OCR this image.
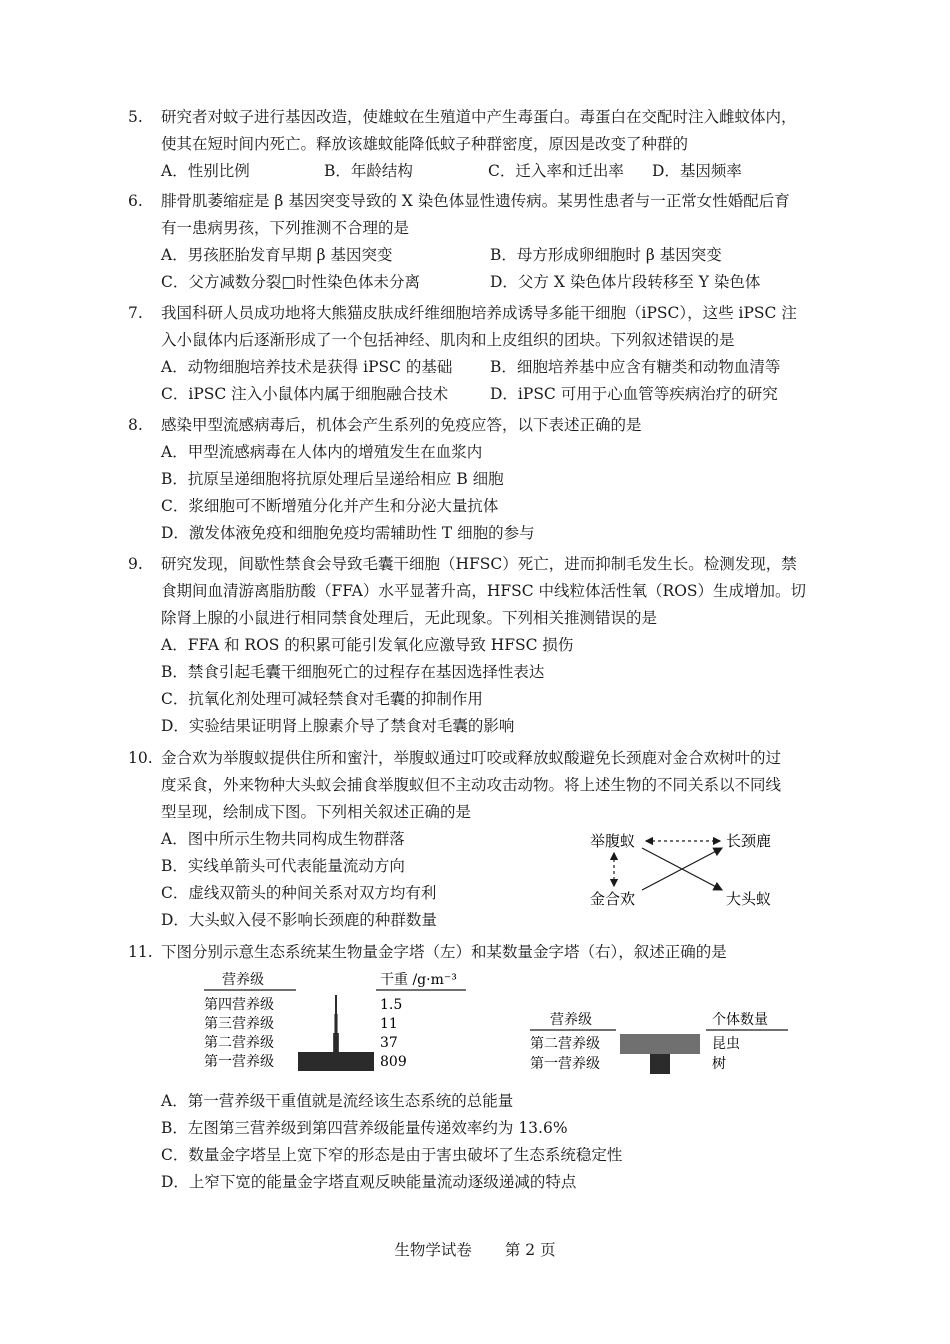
5.	研究者对蚊子进行基因改造，使雄蚊在生殖道中产生毒蛋白。毒蛋白在交配时注入雌蚊体内，
使其在短时间内死亡。释放该雄蚊能降低蚊子种群密度，原因是改变了种群的
A．性别比例	B．年龄结构	C．迁入率和迁出率 D．基因频率
6.	腓骨肌萎缩症是 β 基因突变导致的 X 染色体显性遗传病。某男性患者与一正常女性婚配后育
有一患病男孩，下列推测不合理的是
A．男孩胚胎发育早期 β 基因突变	B．母方形成卵细胞时 β 基因突变
C．父方减数分裂□时性染色体未分离	D．父方 X 染色体片段转移至 Y 染色体
7.	我国科研人员成功地将大熊猫皮肤成纤维细胞培养成诱导多能干细胞（iPSC），这些 iPSC 注
入小鼠体内后逐渐形成了一个包括神经、肌肉和上皮组织的团块。下列叙述错误的是
A．动物细胞培养技术是获得 iPSC 的基础 B．细胞培养基中应含有糖类和动物血清等
C．iPSC 注入小鼠体内属于细胞融合技术	D．iPSC 可用于心血管等疾病治疗的研究
8.	感染甲型流感病毒后，机体会产生系列的免疫应答，以下表述正确的是
A．甲型流感病毒在人体内的增殖发生在血浆内
B．抗原呈递细胞将抗原处理后呈递给相应 B 细胞
C．浆细胞可不断增殖分化并产生和分泌大量抗体
D．激发体液免疫和细胞免疫均需辅助性 T 细胞的参与
9.	研究发现，间歇性禁食会导致毛囊干细胞（HFSC）死亡，进而抑制毛发生长。检测发现，禁
食期间血清游离脂肪酸（FFA）水平显著升高，HFSC 中线粒体活性氧（ROS）生成增加。切
除肾上腺的小鼠进行相同禁食处理后，无此现象。下列相关推测错误的是
A．FFA 和 ROS 的积累可能引发氧化应激导致 HFSC 损伤
B．禁食引起毛囊干细胞死亡的过程存在基因选择性表达
C．抗氧化剂处理可减轻禁食对毛囊的抑制作用
D．实验结果证明肾上腺素介导了禁食对毛囊的影响
10. 金合欢为举腹蚁提供住所和蜜汁，举腹蚁通过叮咬或释放蚁酸避免长颈鹿对金合欢树叶的过
度采食，外来物种大头蚁会捕食举腹蚁但不主动攻击动物。将上述生物的不同关系以不同线
型呈现，绘制成下图。下列相关叙述正确的是
A．图中所示生物共同构成生物群落
B．实线单箭头可代表能量流动方向
C．虚线双箭头的种间关系对双方均有利
D．大头蚁入侵不影响长颈鹿的种群数量
举腹蚁	长颈鹿
金合欢	大头蚁
11. 下图分别示意生态系统某生物量金字塔（左）和某数量金字塔（右），叙述正确的是
营养级	干重 /g·m⁻³
第四营养级	1.5
第三营养级	11
第二营养级	37
第一营养级	809
营养级	个体数量
第二营养级	昆虫
第一营养级	树
A．第一营养级干重值就是流经该生态系统的总能量
B．左图第三营养级到第四营养级能量传递效率约为 13.6%
C．数量金字塔呈上宽下窄的形态是由于害虫破坏了生态系统稳定性
D．上窄下宽的能量金字塔直观反映能量流动逐级递减的特点
生物学试卷 第 2 页
